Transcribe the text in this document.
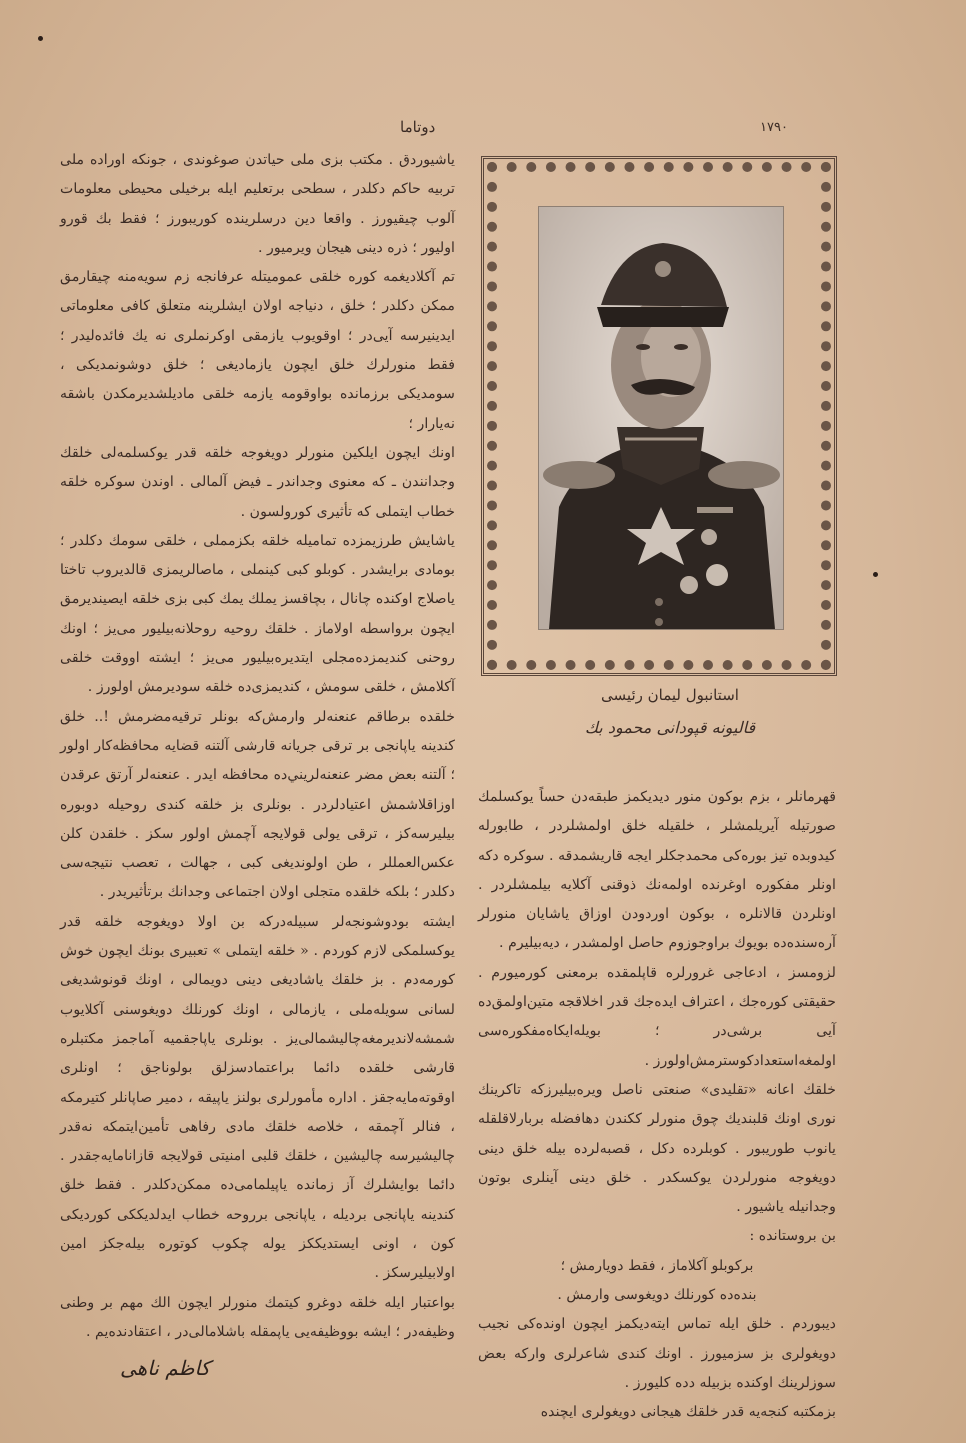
دوتاما	١٧٩٠

یاشیوردق . مکتب بزی ملی حیاتدن صوغوندی ، جونکه اوراده ملی تربیه حاکم دکلدر ، سطحی برتعلیم ایله برخیلی محیطی معلومات آلوب چیقیورز . واقعا دین درسلرینده کوریبورز ؛ فقط بك قورو اولیور ؛ ذره دینی هیجان ویرمیور .

تم آکلادیغمه کوره خلقی عمومیتله عرفانجه زم سویه‌منه چیقارمق ممکن دکلدر ؛ خلق ، دنیاجه اولان ایشلرینه متعلق کافی معلوماتی ایدینیرسه آیی‌در ؛ اوقویوب یازمقی اوکرنملری نه یك فائده‌لیدر ؛ فقط منورلرك خلق ایچون یازمادیغی ؛ خلق دوشونمدیکی ، سومدیکی برزمانده بواوقومه یازمه خلقی مادیلشدیرمکدن باشقه نه‌یارار ؛

اونك ایچون ایلکین منورلر دویغوجه خلقه قدر یوکسلمه‌لی خلقك وجدانندن ـ که معنوی وجداندر ـ فیض آلمالی . اوندن سوکره خلقه خطاب ایتملی که تأثیری کورولسون .

یاشایش طرزیمزده تماميله خلقه بکزمملی ، خلقی سومك دکلدر ؛ بومادی برایشدر . کوبلو کبی کینملی ، ماصالریمزی قالدیروب تاختا یاصلاج اوکنده چانال ، بچاقسز یملك یمك کبی بزی خلقه ایصیندیرمق ایچون برواسطه اولاماز . خلقك روحیه روحلانه‌بیلیور می‌یز ؛ اونك روحنی کندیمزده‌مجلی ایتدیره‌بیلیور می‌یز ؛ ایشته اووقت خلقی آکلامش ، خلقی سومش ، کندیمزی‌ده خلقه سودیرمش اولورز .

خلقده برطاقم عنعنه‌لر وارمش‌که بونلر ترقیه‌مضرمش !.. خلق کندینه یاپانجی بر ترقی جریانه قارشی آلتنه قضایه محافظه‌کار اولور ؛ آلتنه بعض مضر عنعنه‌لریني‌ده محافظه ایدر . عنعنه‌لر آرتق عرقدن اوزاقلاشمش اعتیادلردر . بونلری بز خلقه کندی روحیله دوبوره بیلیرسه‌کز ، ترقی یولی قولایجه آچمش اولور سکز . خلقدن کلن عکس‌العمللر ، طن اولوندیغی کبی ، جهالت ، تعصب نتیجه‌سی دکلدر ؛ بلکه خلقده متجلی اولان اجتماعی وجدانك برتأثیریدر .

ایشته بودوشونجه‌لر سبیله‌درکه بن اولا دویغوجه خلقه قدر یوکسلمکی لازم کوردم . « خلقه ایتملی » تعبیری بونك ایچون خوش کورمه‌دم . بز خلقك یاشادیغی دینی دویمالی ، اونك قونوشدیغی لسانی سویله‌ملی ، یازمالی ، اونك کورنلك دویغوسنی آکلایوب شمشه‌لاندیرمغه‌چالیشمالی‌یز . بونلری یاپاجقمیه آماجمز مکتبلره قارشی خلقده دائما براعتمادسزلق بولوناجق ؛ اونلری اوقوته‌مایه‌جقز . اداره مأمورلری بولنز یاپیقه ، دمیر صاپانلر کتیرمکه ، فنالر آچمقه ، خلاصه خلقك مادی رفاهی تأمین‌ایتمکه نه‌قدر چالیشیرسه چالیشین ، خلقك قلبی امنیتی قولایجه قازانامایه‌جقدر . دائما بوایشلرك آز زمانده یاپیلمامی‌ده ممکن‌دکلدر . فقط خلق کندینه یاپانجی بردیله ، یاپانجی برروحه خطاب ایدلدیککی کوردیکی کون ، اونی ایستدیککز یوله چکوب کوتوره بیله‌جکز امین اولابیلیرسکز .

بواعتبار ایله خلقه دوغرو کیتمك منورلر ایچون الك مهم بر وطنی وظیفه‌در ؛ ایشه بووظیفه‌یی یاپمقله باشلامالی‌در ، اعتقادنده‌یم .

کاظم ناهی
استانبول لیمان رئیسی
قالیونه قپودانی محمود بك

قهرمانلر ، بزم بوکون منور دیدیکمز طبقه‌دن حساً یوکسلمك صورتیله آیریلمشلر ، خلقیله خلق اولمشلردر ، طابورله کیدوبده تیز بوره‌کی محمدجکلر ایجه قاریشمدقه . سوکره دکه اونلر مفکوره اوغرنده اولمه‌نك ذوقنی آکلایه بیلمشلردر . اونلردن قالانلره ، بوکون اوردودن اوزاق یاشایان منورلر آره‌سنده‌ده بویوك براوجوزوم حاصل اولمشدر ، دیه‌بیلیرم .

لزومسز ، ادعاجی غرورلره قاپلمقده برمعنی کورمیورم . حقیقتی کوره‌جك ، اعتراف ایده‌جك قدر اخلاقجه متین‌اولمق‌ده آیی برشی‌در ؛ بویله‌ایکاه‌مفکوره‌سی اولمغه‌استعداد‌کوسترمش‌اولورز .

خلقك اعانه «تقلیدی» صنعتی ناصل ویره‌بیلیرزکه تاکرینك نوری اونك قلبندیك چوق منورلر ککندن دهافضله بربارلاقلقله یانوب طوریبور . کوبلرده دکل ، قصبه‌لرده بیله خلق دینی دویغوجه منورلردن یوکسکدر . خلق دینی آینلری بوتون وجدانیله یاشیور .

بن بروستانده :

برکوبلو آکلاماز ، فقط دویارمش ؛

بنده‌ده کورنلك دویغوسی وارمش .

دیبوردم . خلق ایله تماس ایته‌دیکمز ایچون اونده‌کی نجیب دویغولری بز سزمیورز . اونك کندی شاعرلری وارکه بعض سوزلرینك اوکنده بزبیله دده کلیورز .

بزمکتبه کنجه‌یه قدر خلقك هیجانی دویغولری ایچنده
